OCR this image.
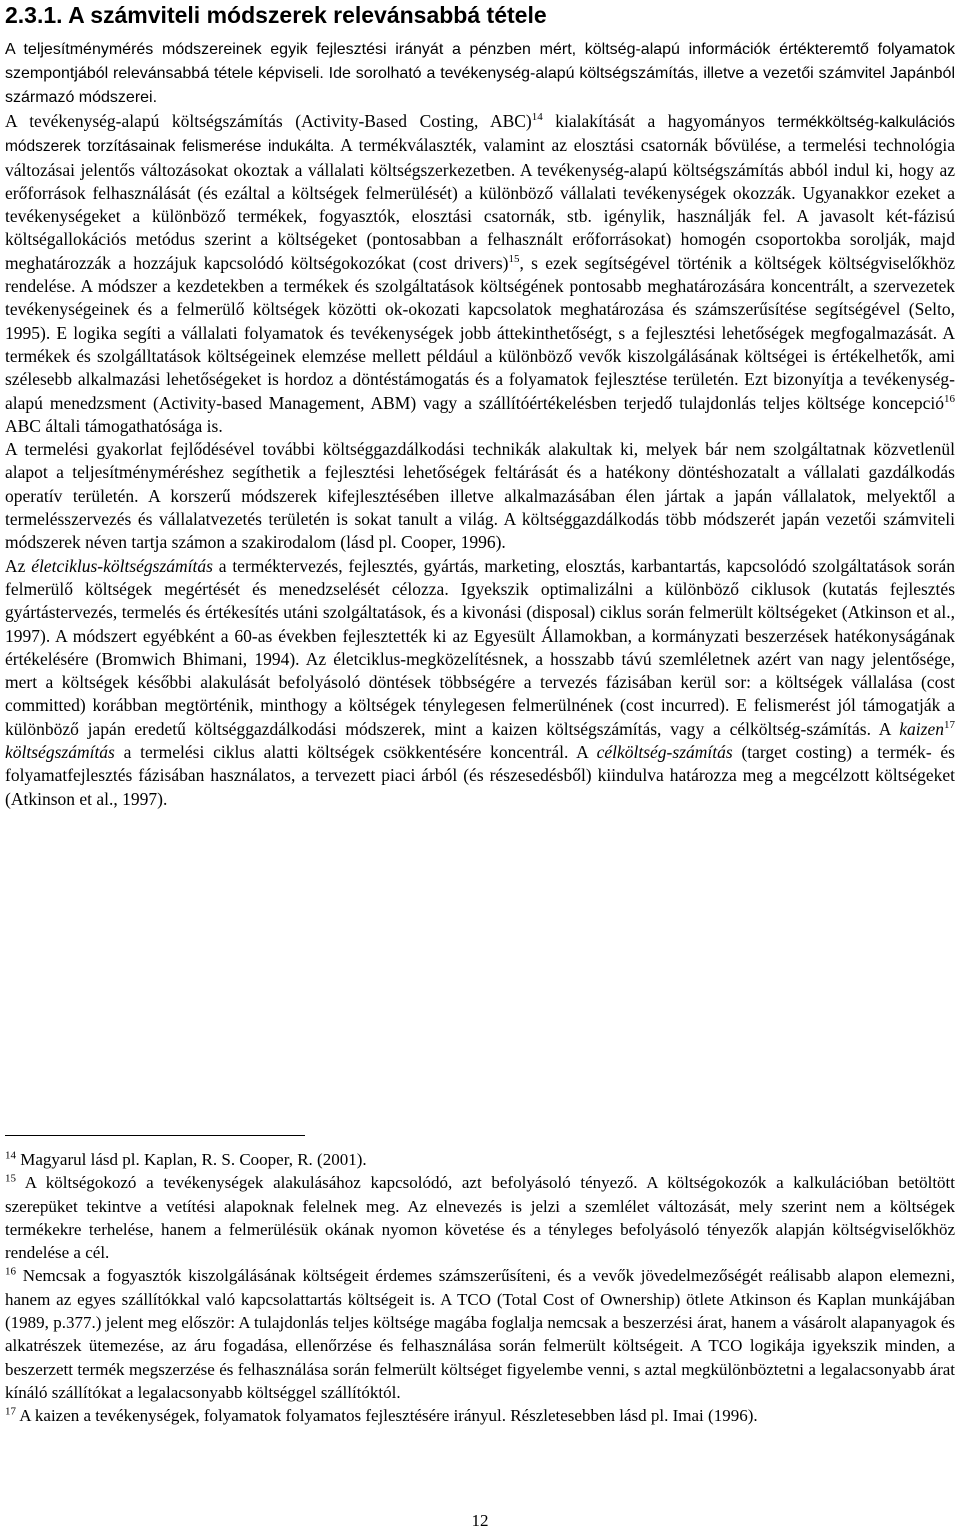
2.3.1. A számviteli módszerek relevánsabbá tétele

A teljesítménymérés módszereinek egyik fejlesztési irányát a pénzben mért, költség-alapú információk értékteremtő folyamatok szempontjából relevánsabbá tétele képviseli. Ide sorolható a tevékenység-alapú költségszámítás, illetve a vezetői számvitel Japánból származó módszerei.

A tevékenység-alapú költségszámítás (Activity-Based Costing, ABC)$^{14}$ kialakítását a hagyományos termékköltség-kalkulációs módszerek torzításainak felismerése indukálta. A termékválaszték, valamint az elosztási csatornák bővülése, a termelési technológia változásai jelentős változásokat okoztak a vállalati költségszerkezetben. A tevékenység-alapú költségszámítás abból indul ki, hogy az erőforrások felhasználását (és ezáltal a költségek felmerülését) a különböző vállalati tevékenységek okozzák. Ugyanakkor ezeket a tevékenységeket a különböző termékek, fogyasztók, elosztási csatornák, stb. igénylik, használják fel. A javasolt két-fázisú költségallokációs metódus szerint a költségeket (pontosabban a felhasznált erőforrásokat) homogén csoportokba sorolják, majd meghatározzák a hozzájuk kapcsolódó költségokozókat (cost drivers)$^{15}$, s ezek segítségével történik a költségek költségviselőkhöz rendelése. A módszer a kezdetekben a termékek és szolgáltatások költségének pontosabb meghatározására koncentrált, a szervezetek tevékenységeinek és a felmerülő költségek közötti ok-okozati kapcsolatok meghatározása és számszerűsítése segítségével (Selto, 1995). E logika segíti a vállalati folyamatok és tevékenységek jobb áttekinthetőségt, s a fejlesztési lehetőségek megfogalmazását. A termékek és szolgálltatások költségeinek elemzése mellett például a különböző vevők kiszolgálásának költségei is értékelhetők, ami szélesebb alkalmazási lehetőségeket is hordoz a döntéstámogatás és a folyamatok fejlesztése területén. Ezt bizonyítja a tevékenység-alapú menedzsment (Activity-based Management, ABM) vagy a szállítóértékelésben terjedő tulajdonlás teljes költsége koncepció$^{16}$ ABC általi támogathatósága is.

A termelési gyakorlat fejlődésével további költséggazdálkodási technikák alakultak ki, melyek bár nem szolgáltatnak közvetlenül alapot a teljesítményméréshez segíthetik a fejlesztési lehetőségek feltárását és a hatékony döntéshozatalt a vállalati gazdálkodás operatív területén. A korszerű módszerek kifejlesztésében illetve alkalmazásában élen jártak a japán vállalatok, melyektől a termelésszervezés és vállalatvezetés területén is sokat tanult a világ. A költséggazdálkodás több módszerét japán vezetői számviteli módszerek néven tartja számon a szakirodalom (lásd pl. Cooper, 1996).

Az életciklus-költségszámítás a terméktervezés, fejlesztés, gyártás, marketing, elosztás, karbantartás, kapcsolódó szolgáltatások során felmerülő költségek megértését és menedzselését célozza. Igyekszik optimalizálni a különböző ciklusok (kutatás fejlesztés gyártástervezés, termelés és értékesítés utáni szolgáltatások, és a kivonási (disposal) ciklus során felmerült költségeket (Atkinson et al., 1997). A módszert egyébként a 60-as években fejlesztették ki az Egyesült Államokban, a kormányzati beszerzések hatékonyságának értékelésére (Bromwich Bhimani, 1994). Az életciklus-megközelítésnek, a hosszabb távú szemléletnek azért van nagy jelentősége, mert a költségek későbbi alakulását befolyásoló döntések többségére a tervezés fázisában kerül sor: a költségek vállalása (cost committed) korábban megtörténik, minthogy a költségek ténylegesen felmerülnének (cost incurred). E felismerést jól támogatják a különböző japán eredetű költséggazdálkodási módszerek, mint a kaizen költségszámítás, vagy a célköltség-számítás. A kaizen$^{17}$ költségszámítás a termelési ciklus alatti költségek csökkentésére koncentrál. A célköltség-számítás (target costing) a termék- és folyamatfejlesztés fázisában használatos, a tervezett piaci árból (és részesedésből) kiindulva határozza meg a megcélzott költségeket (Atkinson et al., 1997).

$^{14}$ Magyarul lásd pl. Kaplan, R. S. Cooper, R. (2001).

$^{15}$ A költségokozó a tevékenységek alakulásához kapcsolódó, azt befolyásoló tényező. A költségokozók a kalkulációban betöltött szerepüket tekintve a vetítési alapoknak felelnek meg. Az elnevezés is jelzi a szemlélet változását, mely szerint nem a költségek termékekre terhelése, hanem a felmerülésük okának nyomon követése és a tényleges befolyásoló tényezők alapján költségviselőkhöz rendelése a cél.

$^{16}$ Nemcsak a fogyasztók kiszolgálásának költségeit érdemes számszerűsíteni, és a vevők jövedelmezőségét reálisabb alapon elemezni, hanem az egyes szállítókkal való kapcsolattartás költségeit is. A TCO (Total Cost of Ownership) ötlete Atkinson és Kaplan munkájában (1989, p.377.) jelent meg először: A tulajdonlás teljes költsége magába foglalja nemcsak a beszerzési árat, hanem a vásárolt alapanyagok és alkatrészek ütemezése, az áru fogadása, ellenőrzése és felhasználása során felmerült költségeit. A TCO logikája igyekszik minden, a beszerzett termék megszerzése és felhasználása során felmerült költséget figyelembe venni, s aztal megkülönböztetni a legalacsonyabb árat kínáló szállítókat a legalacsonyabb költséggel szállítóktól.

$^{17}$ A kaizen a tevékenységek, folyamatok folyamatos fejlesztésére irányul. Részletesebben lásd pl. Imai (1996).

12
